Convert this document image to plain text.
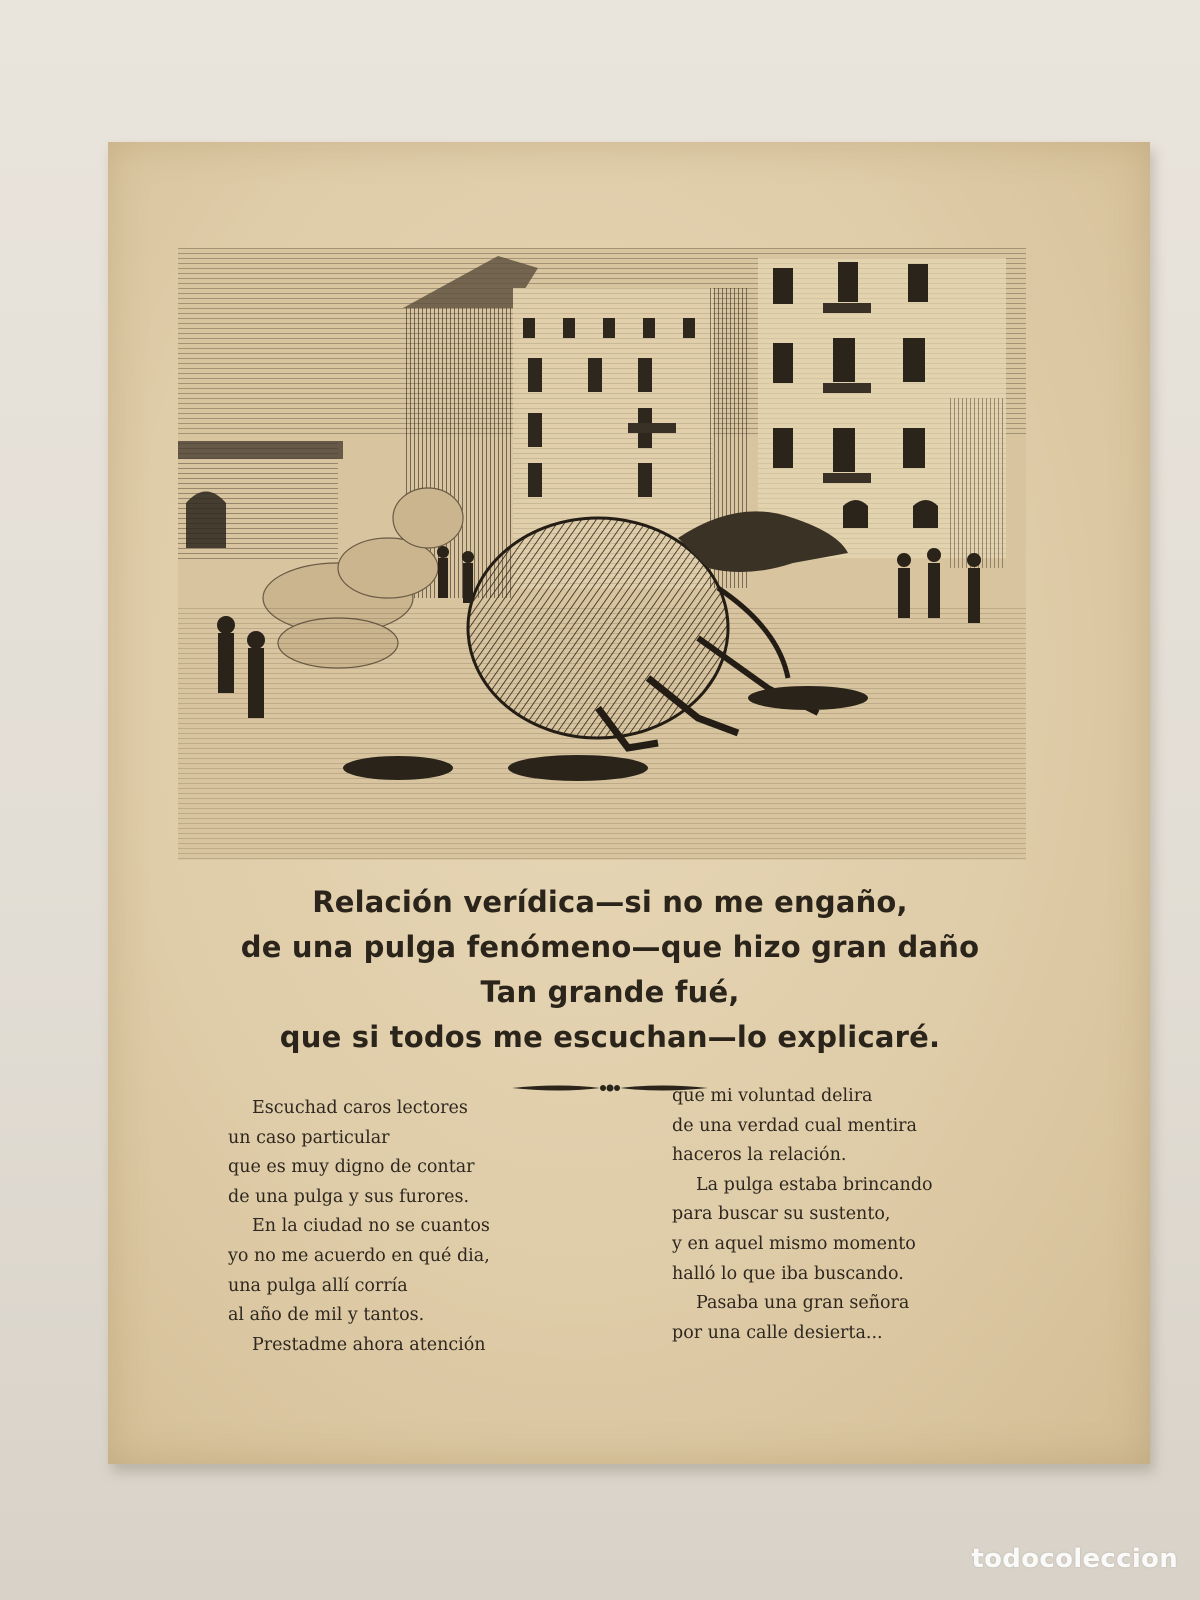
Relación verídica—si no me engaño,
de una pulga fenómeno—que hizo gran daño
Tan grande fué,
que si todos me escuchan—lo explicaré.
Escuchad caros lectores
un caso particular
que es muy digno de contar
de una pulga y sus furores.
En la ciudad no se cuantos
yo no me acuerdo en qué dia,
una pulga allí corría
al año de mil y tantos.
Prestadme ahora atención
que mi voluntad delira
de una verdad cual mentira
haceros la relación.
La pulga estaba brincando
para buscar su sustento,
y en aquel mismo momento
halló lo que iba buscando.
Pasaba una gran señora
por una calle desierta...
todocoleccion
